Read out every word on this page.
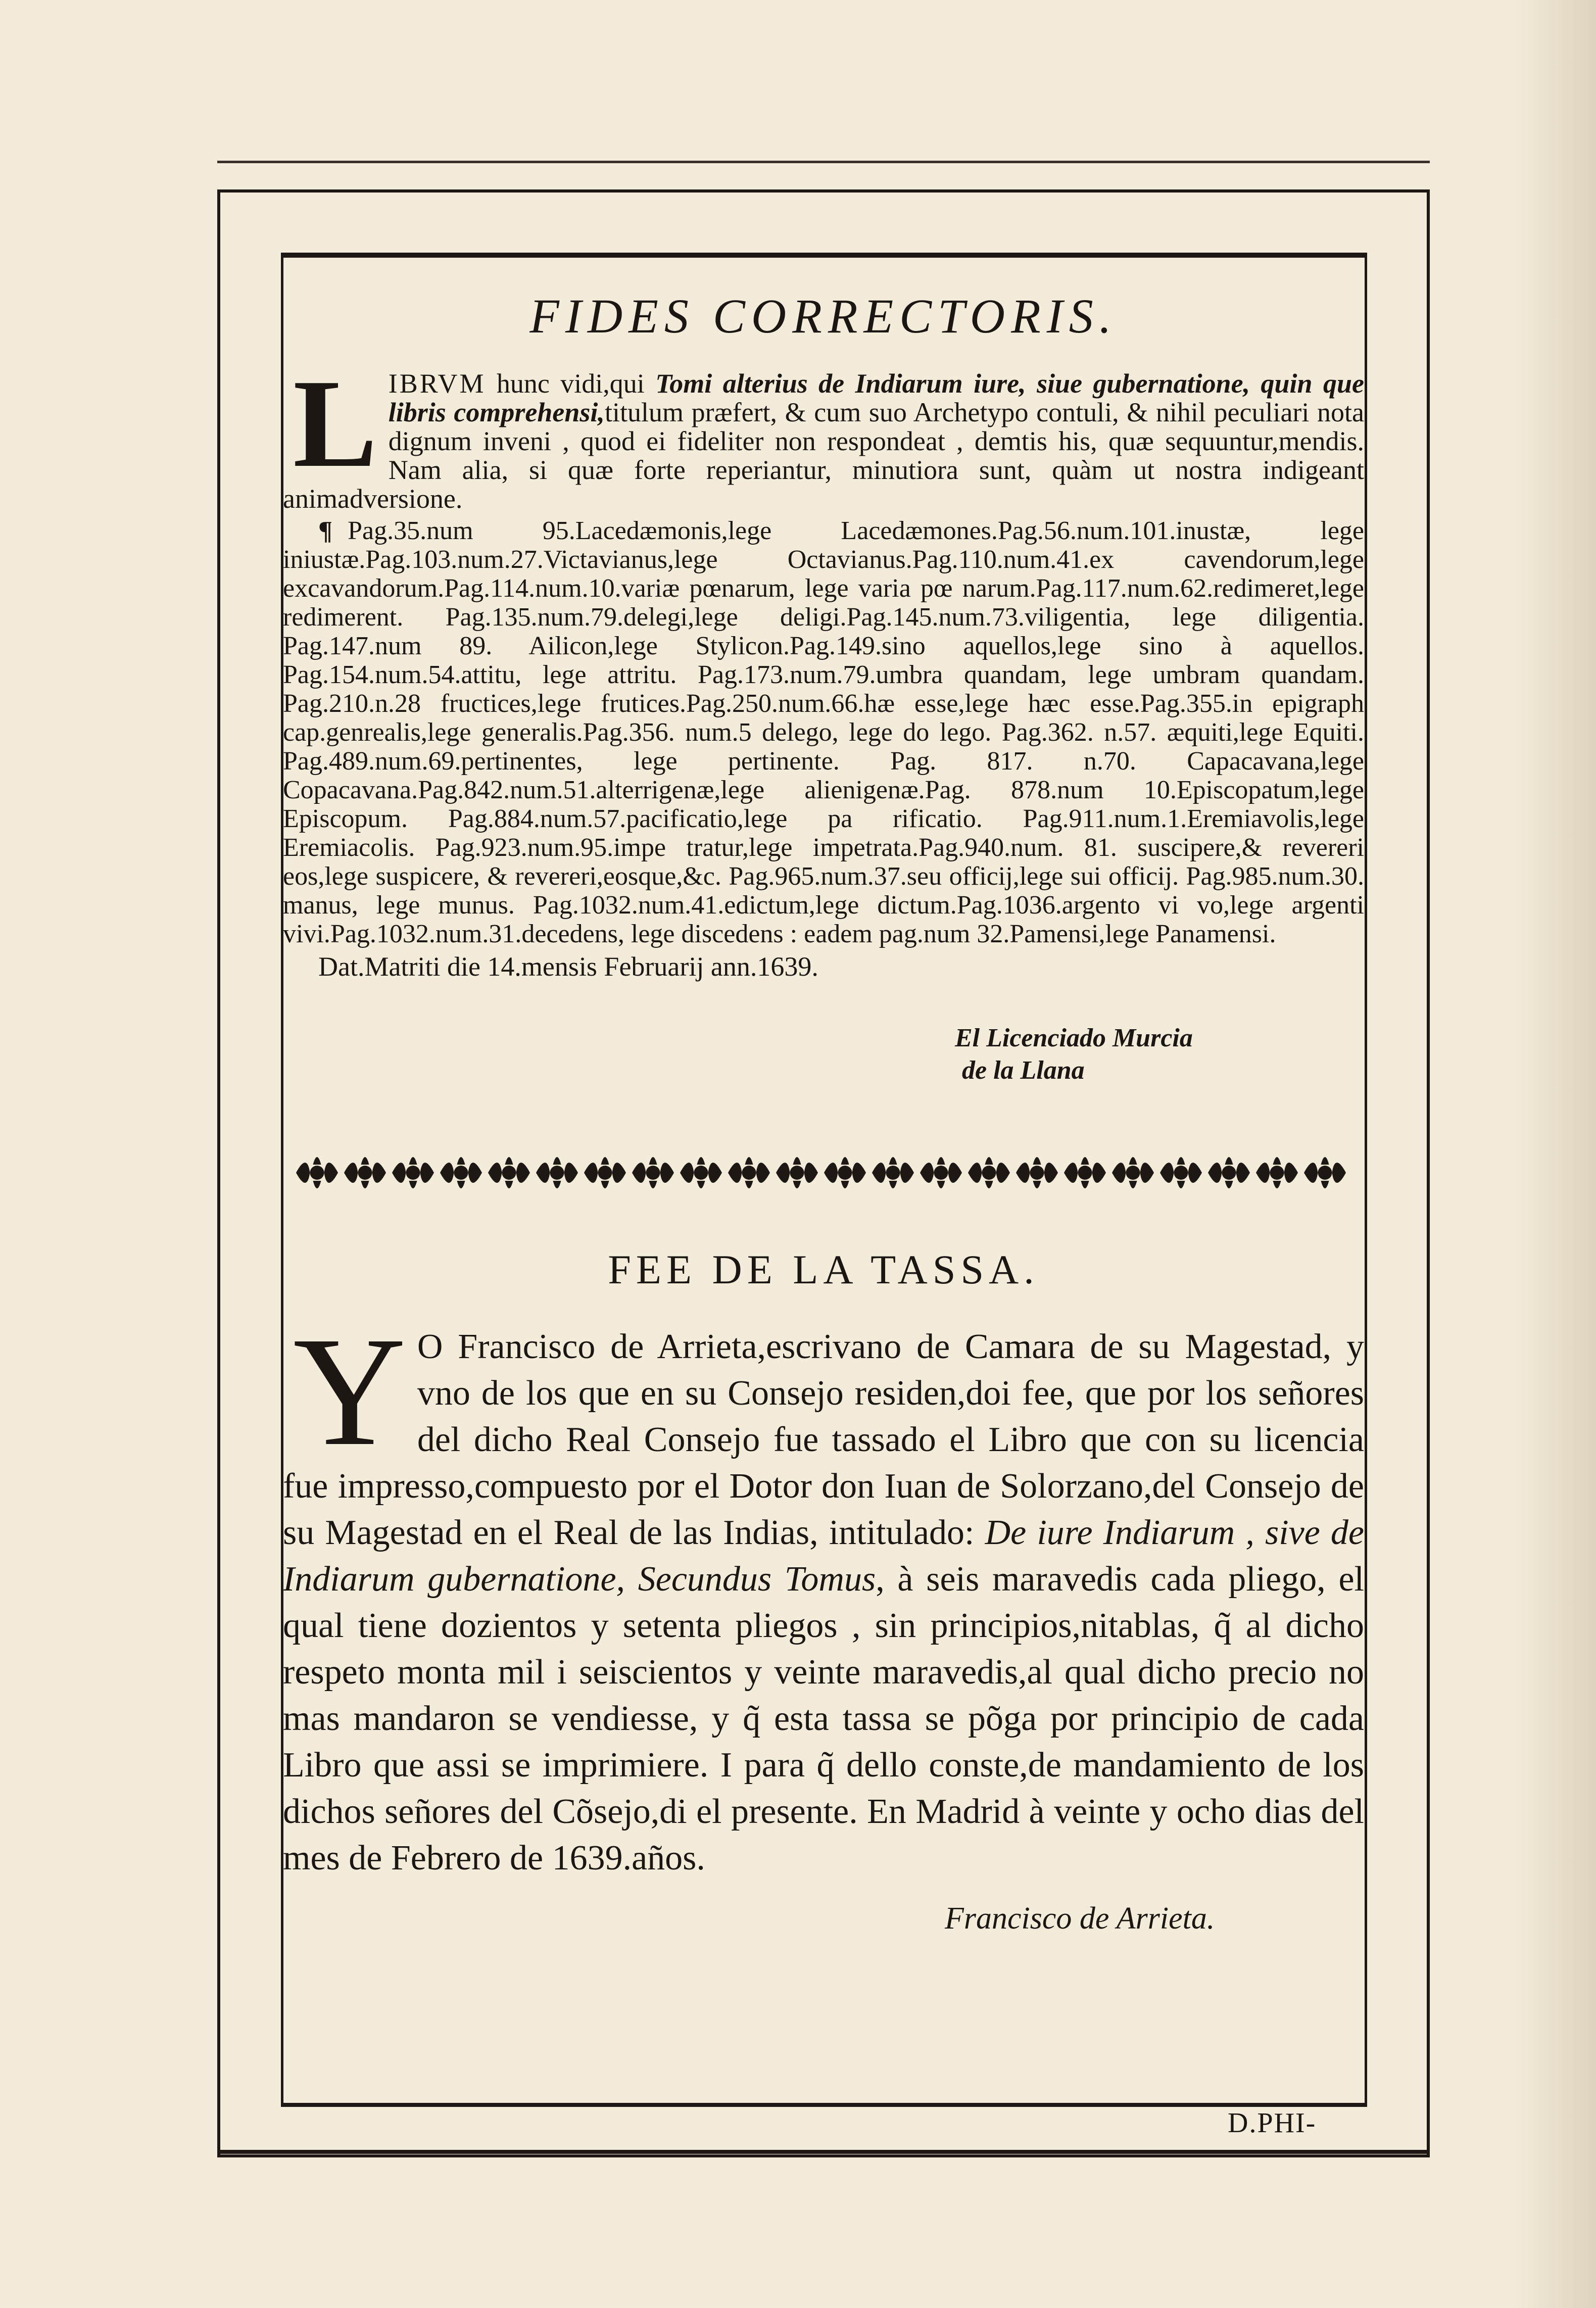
FIDES CORRECTORIS.

LIBRVM hunc vidi,qui Tomi alterius de Indiarum iure, siue gubernatione, quin que libris comprehensi,titulum præfert, & cum suo Archetypo contuli, & nihil peculiari nota dignum inveni , quod ei fideliter non respondeat , demtis his, quæ sequuntur,mendis. Nam alia, si quæ forte reperiantur, minutiora sunt, quàm ut nostra indigeant animadversione.

¶ Pag.35.num 95.Lacedæmonis,lege Lacedæmones.Pag.56.num.101.inustæ, lege iniustæ.Pag.103.num.27.Victavianus,lege Octavianus.Pag.110.num.41.ex cavendorum,lege excavandorum.Pag.114.num.10.variæ pœnarum, lege varia pœ narum.Pag.117.num.62.redimeret,lege redimerent. Pag.135.num.79.delegi,lege deligi.Pag.145.num.73.viligentia, lege diligentia. Pag.147.num 89. Ailicon,lege Stylicon.Pag.149.sino aquellos,lege sino à aquellos. Pag.154.num.54.attitu, lege attritu. Pag.173.num.79.umbra quandam, lege umbram quandam. Pag.210.n.28 fructices,lege frutices.Pag.250.num.66.hæ esse,lege hæc esse.Pag.355.in epigraph cap.genrealis,lege generalis.Pag.356. num.5 delego, lege do lego. Pag.362. n.57. æquiti,lege Equiti. Pag.489.num.69.pertinentes, lege pertinente. Pag. 817. n.70. Capacavana,lege Copacavana.Pag.842.num.51.alterrigenæ,lege alienigenæ.Pag. 878.num 10.Episcopatum,lege Episcopum. Pag.884.num.57.pacificatio,lege pa rificatio. Pag.911.num.1.Eremiavolis,lege Eremiacolis. Pag.923.num.95.impe tratur,lege impetrata.Pag.940.num. 81. suscipere,& revereri eos,lege suspicere, & revereri,eosque,&c. Pag.965.num.37.seu officij,lege sui officij. Pag.985.num.30. manus, lege munus. Pag.1032.num.41.edictum,lege dictum.Pag.1036.argento vi vo,lege argenti vivi.Pag.1032.num.31.decedens, lege discedens : eadem pag.num 32.Pamensi,lege Panamensi.

Dat.Matriti die 14.mensis Februarij ann.1639.
El Licenciado Murcia
de la Llana
FEE DE LA TASSA.

Y O Francisco de Arrieta,escrivano de Camara de su Magestad, y vno de los que en su Consejo residen,doi fee, que por los señores del dicho Real Consejo fue tassado el Libro que con su licencia fue impresso,compuesto por el Dotor don Iuan de Solorzano,del Consejo de su Magestad en el Real de las Indias, intitulado: De iure Indiarum , sive de Indiarum gubernatione, Secundus Tomus, à seis maravedis cada pliego, el qual tiene dozientos y setenta pliegos , sin principios,nitablas, q̃ al dicho respeto monta mil i seiscientos y veinte maravedis,al qual dicho precio no mas mandaron se vendiesse, y q̃ esta tassa se põga por principio de cada Libro que assi se imprimiere. I para q̃ dello conste,de mandamiento de los dichos señores del Cõsejo,di el presente. En Madrid à veinte y ocho dias del mes de Febrero de 1639.años.

Francisco de Arrieta.
D.PHI-
